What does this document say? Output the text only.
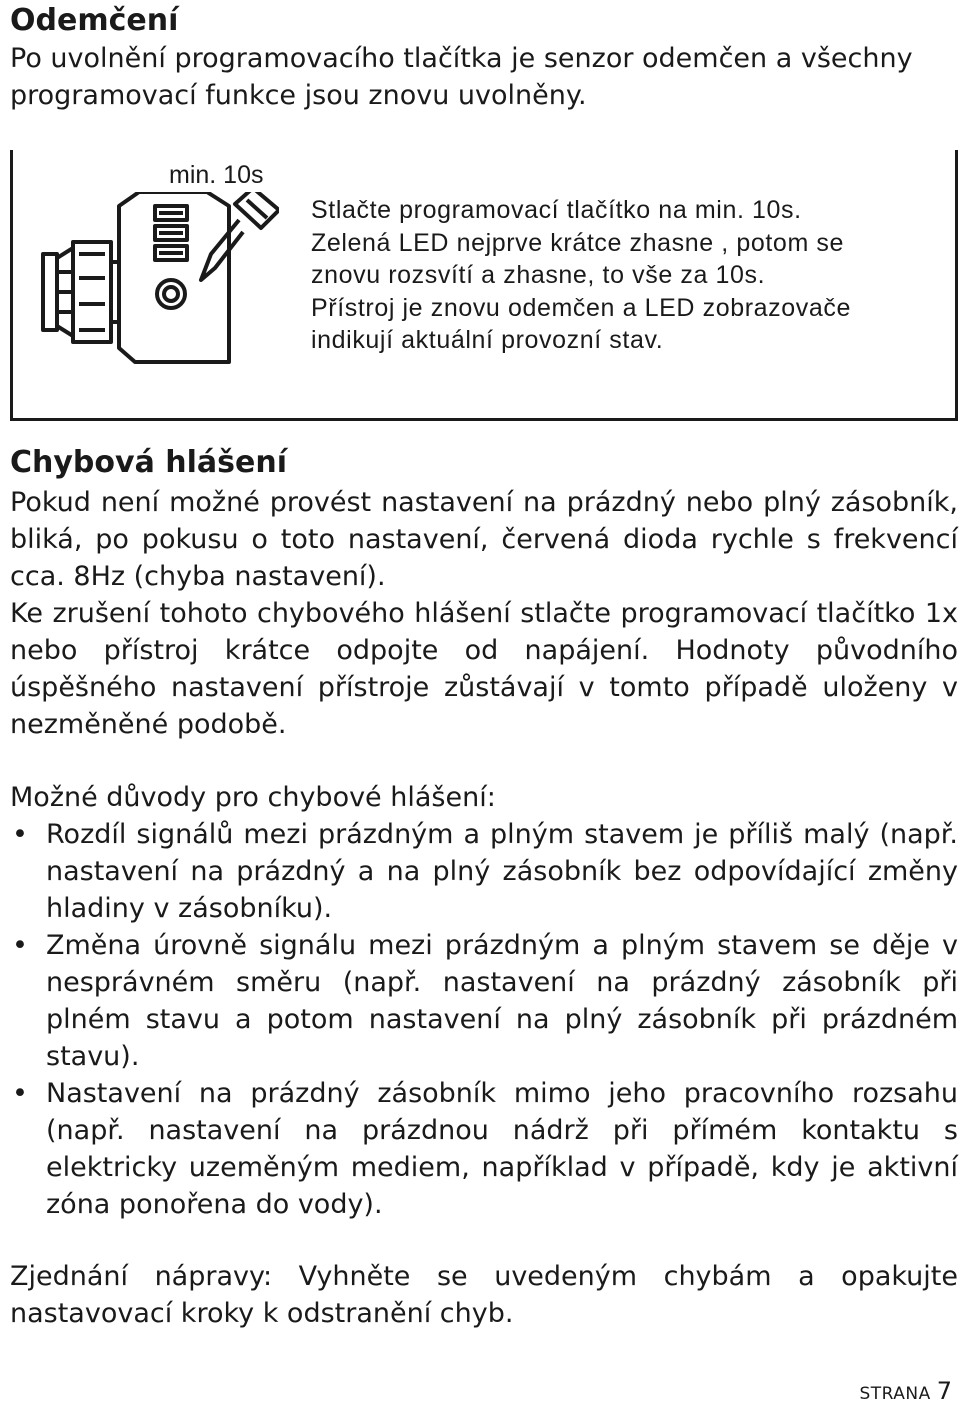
Odemčení

Po uvolnění programovacího tlačítka je senzor odemčen a všechny programovací funkce jsou znovu uvolněny.

min. 10s

Stlačte programovací tlačítko na min. 10s.

Zelená LED nejprve krátce zhasne , potom se

znovu rozsvítí a zhasne, to vše za 10s.

Přístroj je znovu odemčen a LED zobrazovače

indikují aktuální provozní stav.

Chybová hlášení

Pokud není možné provést nastavení na prázdný nebo plný zásobník, bliká, po pokusu o toto nastavení, červená dioda rychle s frekvencí cca. 8Hz (chyba nastavení).

Ke zrušení tohoto chybového hlášení stlačte programovací tlačítko 1x nebo přístroj krátce odpojte od napájení. Hodnoty původního úspěšného nastavení přístroje zůstávají v tomto případě uloženy v nezměněné podobě.

Možné důvody pro chybové hlášení:

• Rozdíl signálů mezi prázdným a plným stavem je příliš malý (např. nastavení na prázdný a na plný zásobník bez odpovídající změny hladiny v zásobníku).
• Změna úrovně signálu mezi prázdným a plným stavem se děje v nesprávném směru (např. nastavení na prázdný zásobník při plném stavu a potom nastavení na plný zásobník při prázdném stavu).
• Nastavení na prázdný zásobník mimo jeho pracovního rozsahu (např. nastavení na prázdnou nádrž při přímém kontaktu s elektricky uzeměným mediem, například v případě, kdy je aktivní zóna ponořena do vody).

Zjednání nápravy: Vyhněte se uvedeným chybám a opakujte nastavovací kroky k odstranění chyb.

STRANA 7
